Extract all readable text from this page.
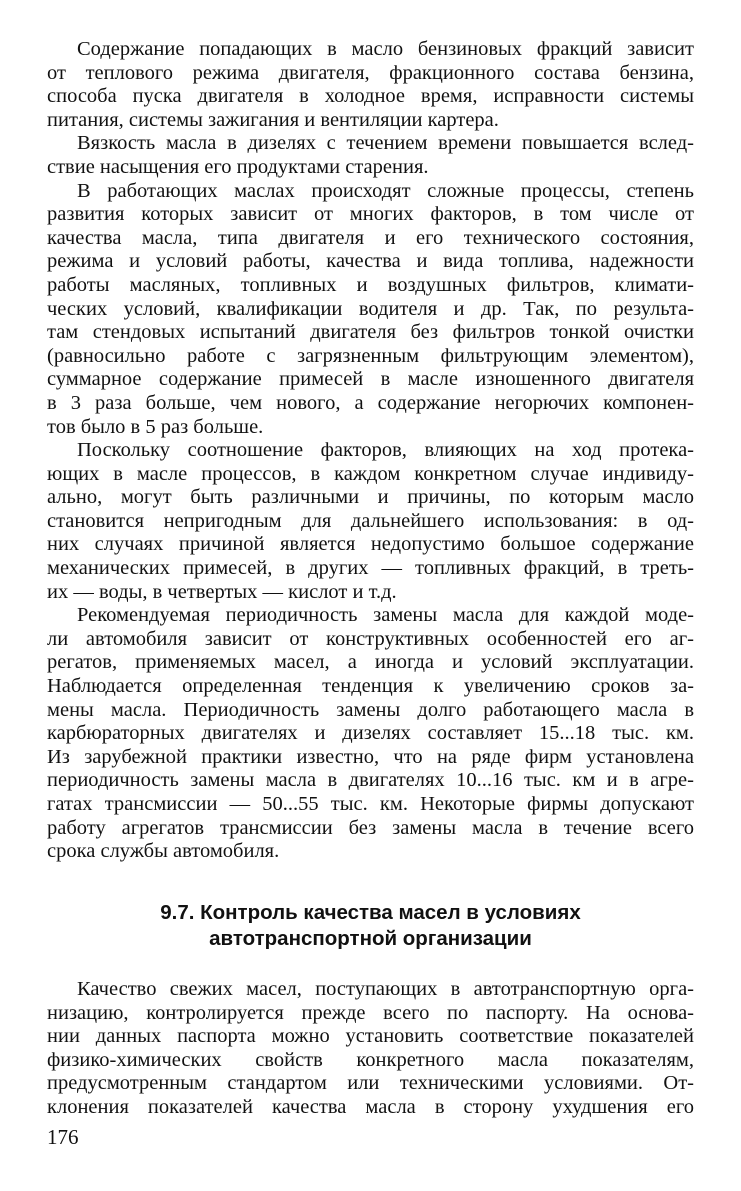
Содержание попадающих в масло бензиновых фракций зависит
от теплового режима двигателя, фракционного состава бензина,
способа пуска двигателя в холодное время, исправности системы

питания, системы зажигания и вентиляции картера.

Вязкость масла в дизелях с течением времени повышается вслед-

ствие насыщения его продуктами старения.

В работающих маслах происходят сложные процессы, степень
развития которых зависит от многих факторов, в том числе от
качества масла, типа двигателя и его технического состояния,
режима и условий работы, качества и вида топлива, надежности
работы масляных, топливных и воздушных фильтров, климати-
ческих условий, квалификации водителя и др. Так, по результа-
там стендовых испытаний двигателя без фильтров тонкой очистки
(равносильно работе с загрязненным фильтрующим элементом),
суммарное содержание примесей в масле изношенного двигателя
в 3 раза больше, чем нового, а содержание негорючих компонен-

тов было в 5 раз больше.

Поскольку соотношение факторов, влияющих на ход протека-
ющих в масле процессов, в каждом конкретном случае индивиду-
ально, могут быть различными и причины, по которым масло
становится непригодным для дальнейшего использования: в од-
них случаях причиной является недопустимо большое содержание
механических примесей, в других — топливных фракций, в треть-

их — воды, в четвертых — кислот и т.д.

Рекомендуемая периодичность замены масла для каждой моде-
ли автомобиля зависит от конструктивных особенностей его аг-
регатов, применяемых масел, а иногда и условий эксплуатации.
Наблюдается определенная тенденция к увеличению сроков за-
мены масла. Периодичность замены долго работающего масла в
карбюраторных двигателях и дизелях составляет 15...18 тыс. км.
Из зарубежной практики известно, что на ряде фирм установлена
периодичность замены масла в двигателях 10...16 тыс. км и в агре-
гатах трансмиссии — 50...55 тыс. км. Некоторые фирмы допускают
работу агрегатов трансмиссии без замены масла в течение всего

срока службы автомобиля.

9.7. Контроль качества масел в условиях
автотранспортной организации

Качество свежих масел, поступающих в автотранспортную орга-
низацию, контролируется прежде всего по паспорту. На основа-
нии данных паспорта можно установить соответствие показателей
физико-химических свойств конкретного масла показателям,
предусмотренным стандартом или техническими условиями. От-
клонения показателей качества масла в сторону ухудшения его

176
